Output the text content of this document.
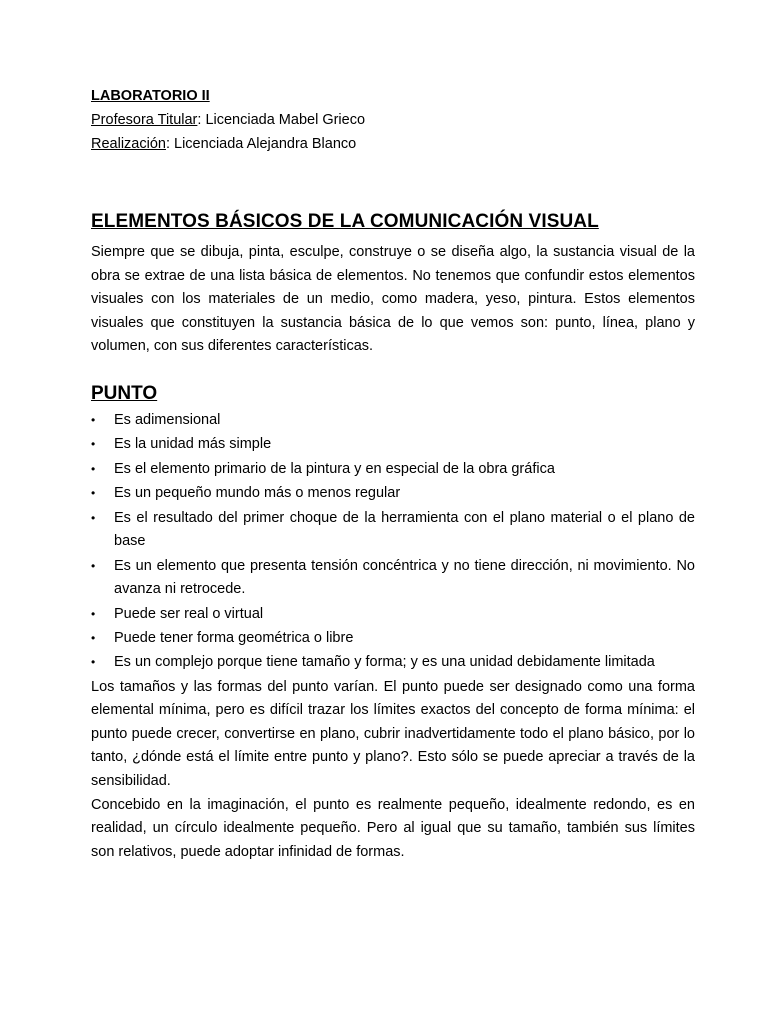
LABORATORIO II

Profesora Titular: Licenciada Mabel Grieco

Realización: Licenciada Alejandra Blanco

ELEMENTOS BÁSICOS DE LA COMUNICACIÓN VISUAL

Siempre que se dibuja, pinta, esculpe, construye o se diseña algo, la sustancia visual de la obra se extrae de una lista básica de elementos. No tenemos que confundir estos elementos visuales con los materiales de un medio, como madera, yeso, pintura. Estos elementos visuales que constituyen la sustancia básica de lo que vemos son: punto, línea, plano y volumen, con sus diferentes características.

PUNTO
• Es adimensional
• Es la unidad más simple
• Es el elemento primario de la pintura y en especial de la obra gráfica
• Es un pequeño mundo más o menos regular
• Es el resultado del primer choque de la herramienta con el plano material o el plano de base
• Es un elemento que presenta tensión concéntrica y no tiene dirección, ni movimiento. No avanza ni retrocede.
• Puede ser real o virtual
• Puede tener forma geométrica o libre
• Es un complejo porque tiene tamaño y forma; y es una unidad debidamente limitada

Los tamaños y las formas del punto varían. El punto puede ser designado como una forma elemental mínima, pero es difícil trazar los límites exactos del concepto de forma mínima: el punto puede crecer, convertirse en plano, cubrir inadvertidamente todo el plano básico, por lo tanto, ¿dónde está el límite entre punto y plano?. Esto sólo se puede apreciar a través de la sensibilidad.

Concebido en la imaginación, el punto es realmente pequeño, idealmente redondo, es en realidad, un círculo idealmente pequeño. Pero al igual que su tamaño, también sus límites son relativos, puede adoptar infinidad de formas.
